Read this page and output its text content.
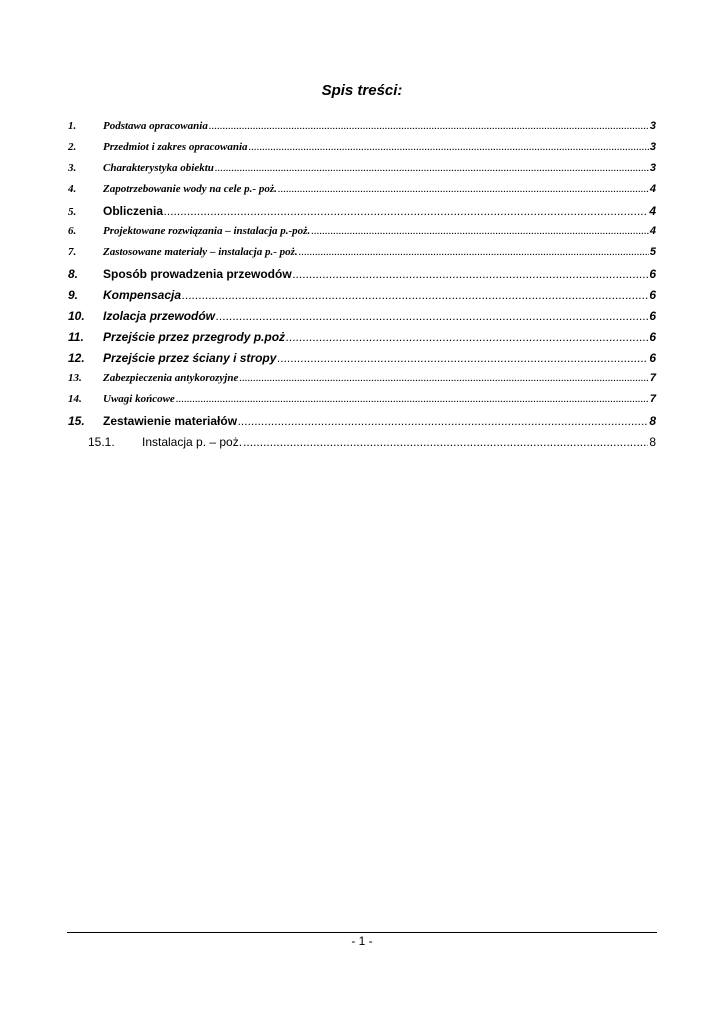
Spis treści:
1.	Podstawa opracowania .....	3
2.	Przedmiot i zakres opracowania .....	3
3.	Charakterystyka obiektu .....	3
4.	Zapotrzebowanie wody na cele p.- poż. .....	4
5.	Obliczenia .....	4
6.	Projektowane rozwiązania – instalacja p.-poż. .....	4
7.	Zastosowane materiały – instalacja p.- poż. .....	5
8.	Sposób prowadzenia przewodów .....	6
9.	Kompensacja .....	6
10.	Izolacja przewodów .....	6
11.	Przejście przez przegrody p.poż .....	6
12.	Przejście przez ściany i stropy .....	6
13.	Zabezpieczenia antykorozyjne .....	7
14.	Uwagi końcowe .....	7
15.	Zestawienie materiałów .....	8
15.1.	Instalacja p. – poż. .....	8
- 1 -
